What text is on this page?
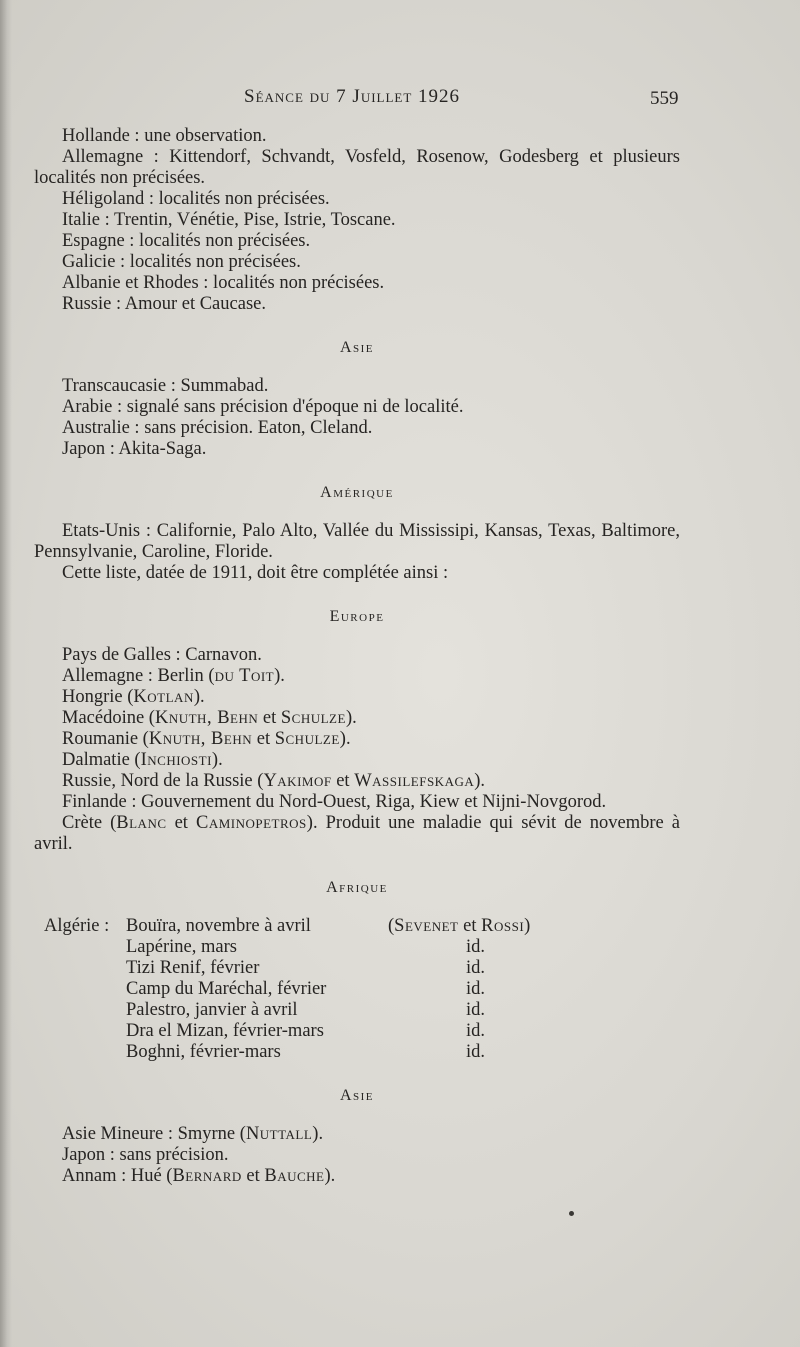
Séance du 7 Juillet 1926	559
Hollande : une observation.
Allemagne : Kittendorf, Schvandt, Vosfeld, Rosenow, Godesberg et plusieurs localités non précisées.
Héligoland : localités non précisées.
Italie : Trentin, Vénétie, Pise, Istrie, Toscane.
Espagne : localités non précisées.
Galicie : localités non précisées.
Albanie et Rhodes : localités non précisées.
Russie : Amour et Caucase.
Asie
Transcaucasie : Summabad.
Arabie : signalé sans précision d'époque ni de localité.
Australie : sans précision. Eaton, Cleland.
Japon : Akita-Saga.
Amérique
Etats-Unis : Californie, Palo Alto, Vallée du Mississipi, Kansas, Texas, Baltimore, Pennsylvanie, Caroline, Floride.
Cette liste, datée de 1911, doit être complétée ainsi :
Europe
Pays de Galles : Carnavon.
Allemagne : Berlin (du Toit).
Hongrie (Kotlan).
Macédoine (Knuth, Behn et Schulze).
Roumanie (Knuth, Behn et Schulze).
Dalmatie (Inchiosti).
Russie, Nord de la Russie (Yakimof et Wassilefskaga).
Finlande : Gouvernement du Nord-Ouest, Riga, Kiew et Nijni-Novgorod.
Crète (Blanc et Caminopetros). Produit une maladie qui sévit de novembre à avril.
Afrique
Algérie :	Bouïra, novembre à avril	(Sevenet et Rossi)
	Lapérine, mars	id.
	Tizi Renif, février	id.
	Camp du Maréchal, février	id.
	Palestro, janvier à avril	id.
	Dra el Mizan, février-mars	id.
	Boghni, février-mars	id.
Asie
Asie Mineure : Smyrne (Nuttall).
Japon : sans précision.
Annam : Hué (Bernard et Bauche).
